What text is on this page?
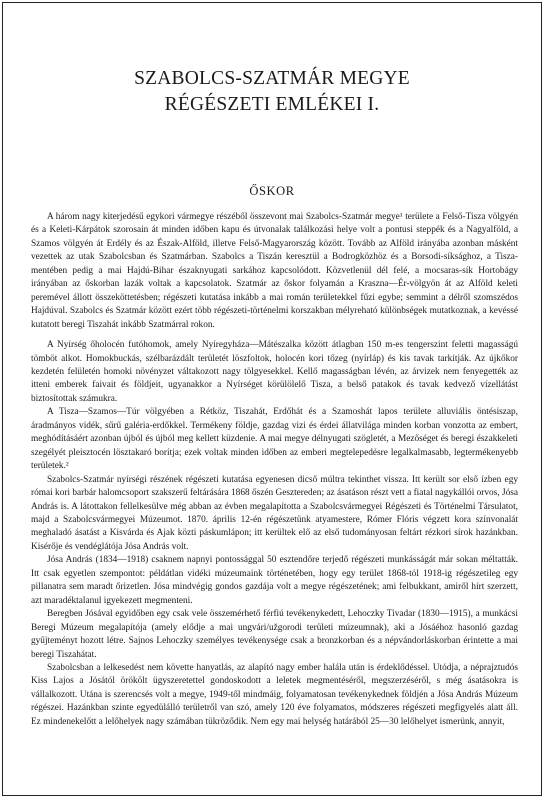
SZABOLCS-SZATMÁR MEGYE
RÉGÉSZETI EMLÉKEI I.
ŐSKOR

A három nagy kiterjedésű egykori vármegye részéből összevont mai Szabolcs-Szatmár megye¹ területe a Felső-Tisza völgyén és a Keleti-Kárpátok szorosain át minden időben kapu és útvonalak találkozási helye volt a pontusi steppék és a Nagyalföld, a Szamos völgyén át Erdély és az Észak-Alföld, illetve Felső-Magyarország között. Tovább az Alföld irányába azonban másként vezettek az utak Szabolcsban és Szatmárban. Szabolcs a Tiszán keresztül a Bodrogközhöz és a Borsodi-síksághoz, a Tisza-mentében pedig a mai Hajdú-Bihar északnyugati sarkához kapcsolódott. Közvetlenül dél felé, a mocsaras-sík Hortobágy irányában az őskorban lazák voltak a kapcsolatok. Szatmár az őskor folyamán a Kraszna—Ér-völgyön át az Alföld keleti peremével állott összeköttetésben; régészeti kutatása inkább a mai román területekkel fűzi egybe; semmint a délről szomszédos Hajdúval. Szabolcs és Szatmár között ezért több régészeti-történelmi korszakban mélyreható különbségek mutatkoznak, a kevéssé kutatott beregi Tiszahát inkább Szatmárral rokon.

A Nyírség őholocén futóhomok, amely Nyíregyháza—Mátészalka között átlagban 150 m-es tengerszint feletti magasságú tömböt alkot. Homokbuckás, szélbarázdált területét löszfoltok, holocén kori tőzeg (nyírláp) és kis tavak tarkítják. Az újkőkor kezdetén felületén homoki növényzet váltakozott nagy tölgyesekkel. Kellő magasságban lévén, az árvizek nem fenyegették az itteni emberek faivait és földjeit, ugyanakkor a Nyírséget körülölelő Tisza, a belső patakok és tavak kedvező vízellátást biztosítottak számukra.

A Tisza—Szamos—Túr völgyében a Rétköz, Tiszahát, Erdőhát és a Szamoshát lapos területe alluviális öntésiszap, áradmányos vidék, sűrű galéria-erdőkkel. Termékeny földje, gazdag vizi és érdei állatvilága minden korban vonzotta az embert, meghódításáért azonban újból és újból meg kellett küzdenie. A mai megye délnyugati szögletét, a Mezőséget és beregi északkeleti szegélyét pleisztocén lösztakaró borítja; ezek voltak minden időben az emberi megtelepedésre legalkalmasabb, legtermékenyebb területek.²

Szabolcs-Szatmár nyírségi részének régészeti kutatása egyenesen dicső múltra tekinthet vissza. Itt került sor első ízben egy római kori barbár halomcsoport szakszerű feltárására 1868 őszén Gesztereden; az ásatáson részt vett a fiatal nagykállói orvos, Jósa András is. A látottakon fellelkesülve még abban az évben megalapította a Szabolcsvármegyei Régészeti és Történelmi Társulatot, majd a Szabolcsvármegyei Múzeumot. 1870. április 12-én régészetünk atyamestere, Rómer Flóris végzett kora színvonalát meghaladó ásatást a Kisvárda és Ajak közti páskumlápon; itt kerültek elő az első tudományosan feltárt rézkori sírok hazánkban. Kisérője és vendéglátója Jósa András volt.

Jósa András (1834—1918) csaknem napnyi pontossággal 50 esztendőre terjedő régészeti munkásságát már sokan méltatták. Itt csak egyetlen szempontot: példátlan vidéki múzeumaink történetében, hogy egy terület 1868-tól 1918-ig régészetileg egy pillanatra sem maradt őrizetlen. Jósa mindvégig gondos gazdája volt a megye régészetének; ami felbukkant, amiről hírt szerzett, azt maradéktalanul igyekezett megmenteni.

Beregben Jósával egyidőben egy csak vele összemérhető férfiú tevékenykedett, Lehoczky Tivadar (1830—1915), a munkácsi Beregi Múzeum megalapítója (amely elődje a mai ungvári/užgorodi területi múzeumnak), aki a Jósáéhoz hasonló gazdag gyűjteményt hozott létre. Sajnos Lehoczky személyes tevékenysége csak a bronzkorban és a népvándorláskorban érintette a mai beregi Tiszahátat.

Szabolcsban a lelkesedést nem követte hanyatlás, az alapító nagy ember halála után is érdeklődéssel. Utódja, a néprajztudós Kiss Lajos a Jósától örökölt ügyszeretettel gondoskodott a leletek megmentéséről, megszerzéséről, s még ásatásokra is vállalkozott. Utána is szerencsés volt a megye, 1949-től mindmáig, folyamatosan tevékenykednek földjén a Jósa András Múzeum régészei. Hazánkban szinte egyedülálló területről van szó, amely 120 éve folyamatos, módszeres régészeti megfigyelés alatt áll. Ez mindenekelőtt a lelőhelyek nagy számában tükröződik. Nem egy mai helység határából 25—30 lelőhelyet ismerünk, annyit,
